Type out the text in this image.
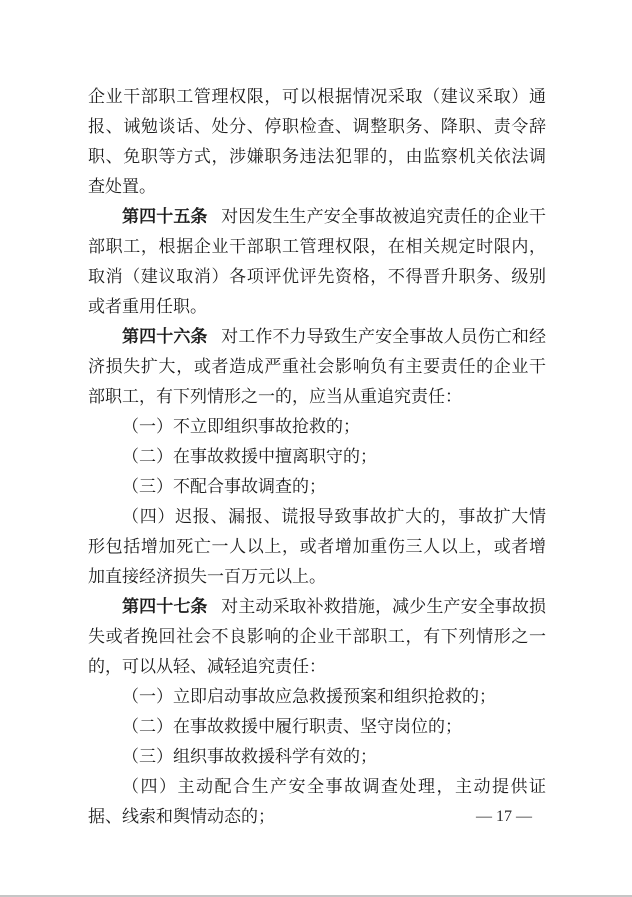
企业干部职工管理权限，可以根据情况采取（建议采取）通报、诫勉谈话、处分、停职检查、调整职务、降职、责令辞职、免职等方式，涉嫌职务违法犯罪的，由监察机关依法调查处置。

第四十五条 对因发生生产安全事故被追究责任的企业干部职工，根据企业干部职工管理权限，在相关规定时限内，取消（建议取消）各项评优评先资格，不得晋升职务、级别或者重用任职。

第四十六条 对工作不力导致生产安全事故人员伤亡和经济损失扩大，或者造成严重社会影响负有主要责任的企业干部职工，有下列情形之一的，应当从重追究责任：

（一）不立即组织事故抢救的；

（二）在事故救援中擅离职守的；

（三）不配合事故调查的；

（四）迟报、漏报、谎报导致事故扩大的，事故扩大情形包括增加死亡一人以上，或者增加重伤三人以上，或者增加直接经济损失一百万元以上。

第四十七条 对主动采取补救措施，减少生产安全事故损失或者挽回社会不良影响的企业干部职工，有下列情形之一的，可以从轻、减轻追究责任：

（一）立即启动事故应急救援预案和组织抢救的；

（二）在事故救援中履行职责、坚守岗位的；

（三）组织事故救援科学有效的；

（四）主动配合生产安全事故调查处理，主动提供证据、线索和舆情动态的；	— 17 —
